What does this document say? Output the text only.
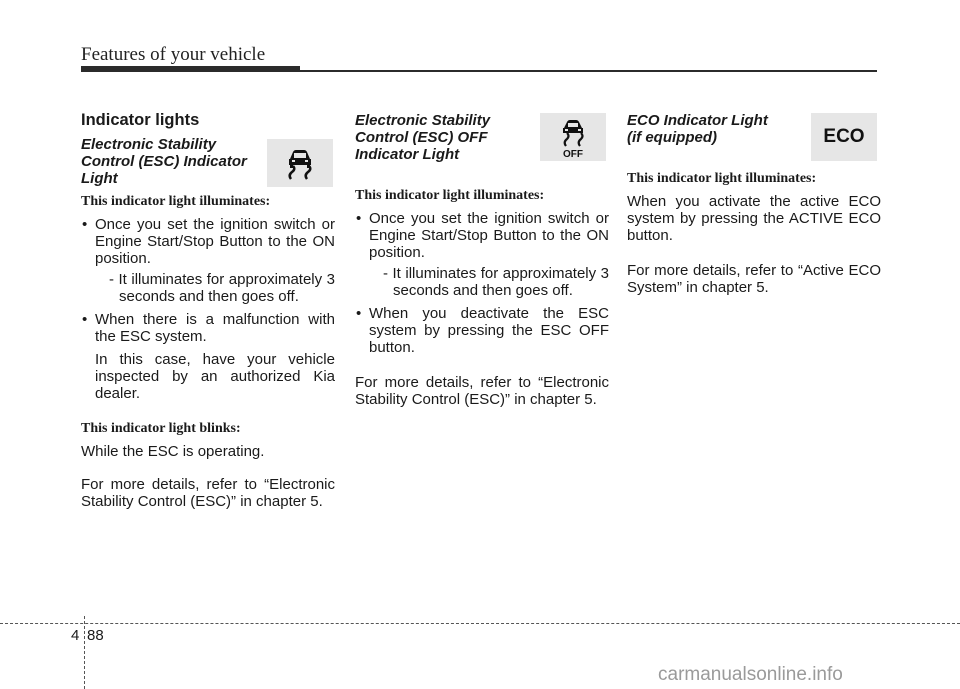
Features of your vehicle

Indicator lights

Electronic Stability
Control (ESC) Indicator
Light

This indicator light illuminates:

• Once you set the ignition switch or Engine Start/Stop Button to the ON position.
- It illuminates for approximately 3 seconds and then goes off.
• When there is a malfunction with the ESC system.
In this case, have your vehicle inspected by an authorized Kia dealer.

This indicator light blinks:

While the ESC is operating.

For more details, refer to “Electronic Stability Control (ESC)” in chapter 5.

Electronic Stability
Control (ESC) OFF
Indicator Light

This indicator light illuminates:

• Once you set the ignition switch or Engine Start/Stop Button to the ON position.
- It illuminates for approximately 3 seconds and then goes off.
• When you deactivate the ESC system by pressing the ESC OFF button.

For more details, refer to “Electronic Stability Control (ESC)” in chapter 5.

OFF

ECO Indicator Light
(if equipped)

This indicator light illuminates:

When you activate the active ECO system by pressing the ACTIVE ECO button.

For more details, refer to “Active ECO System” in chapter 5.

ECO
4 88
carmanualsonline.info
